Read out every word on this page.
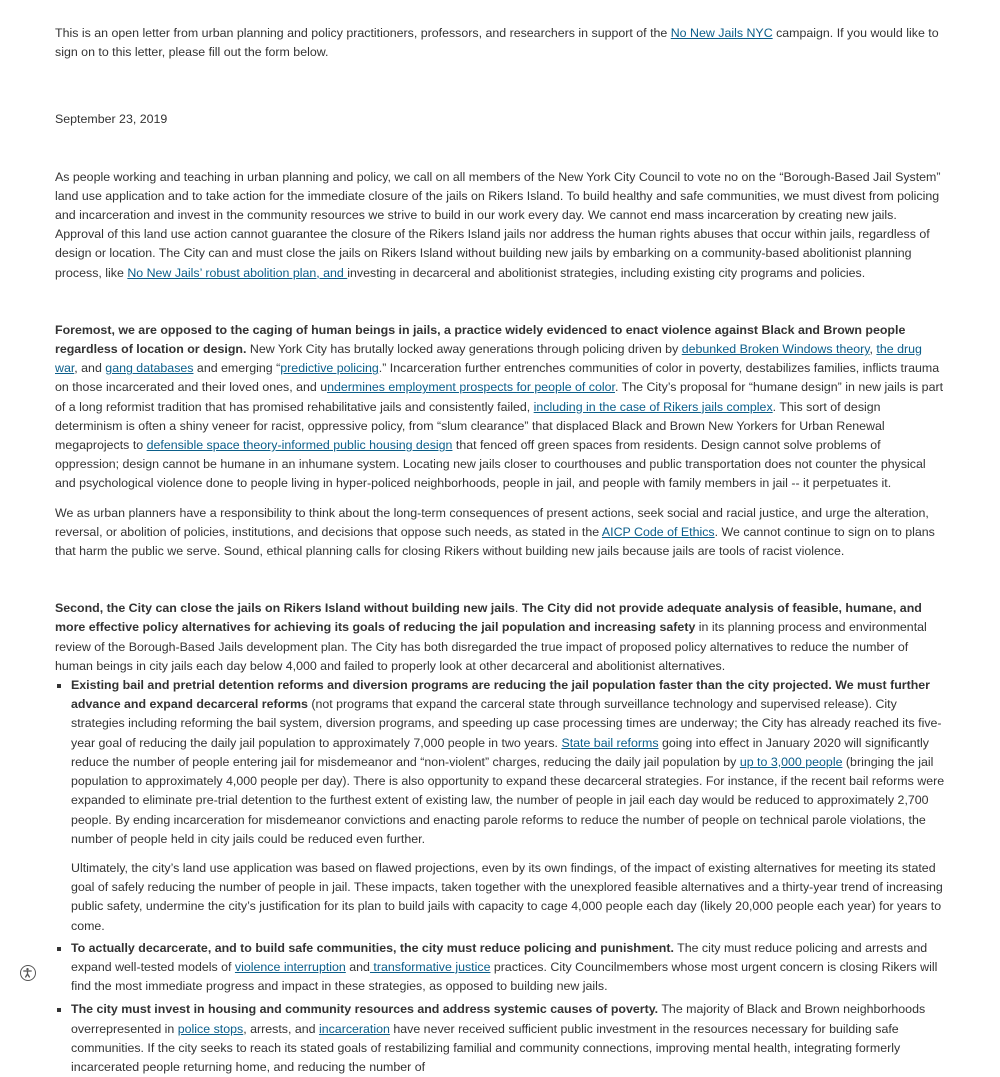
This is an open letter from urban planning and policy practitioners, professors, and researchers in support of the No New Jails NYC campaign. If you would like to sign on to this letter, please fill out the form below.

September 23, 2019

As people working and teaching in urban planning and policy, we call on all members of the New York City Council to vote no on the “Borough-Based Jail System” land use application and to take action for the immediate closure of the jails on Rikers Island. To build healthy and safe communities, we must divest from policing and incarceration and invest in the community resources we strive to build in our work every day. We cannot end mass incarceration by creating new jails. Approval of this land use action cannot guarantee the closure of the Rikers Island jails nor address the human rights abuses that occur within jails, regardless of design or location. The City can and must close the jails on Rikers Island without building new jails by embarking on a community-based abolitionist planning process, like No New Jails’ robust abolition plan, and investing in decarceral and abolitionist strategies, including existing city programs and policies.

Foremost, we are opposed to the caging of human beings in jails, a practice widely evidenced to enact violence against Black and Brown people regardless of location or design. New York City has brutally locked away generations through policing driven by debunked Broken Windows theory, the drug war, and gang databases and emerging “predictive policing.” Incarceration further entrenches communities of color in poverty, destabilizes families, inflicts trauma on those incarcerated and their loved ones, and undermines employment prospects for people of color. The City’s proposal for “humane design” in new jails is part of a long reformist tradition that has promised rehabilitative jails and consistently failed, including in the case of Rikers jails complex. This sort of design determinism is often a shiny veneer for racist, oppressive policy, from “slum clearance” that displaced Black and Brown New Yorkers for Urban Renewal megaprojects to defensible space theory-informed public housing design that fenced off green spaces from residents. Design cannot solve problems of oppression; design cannot be humane in an inhumane system. Locating new jails closer to courthouses and public transportation does not counter the physical and psychological violence done to people living in hyper-policed neighborhoods, people in jail, and people with family members in jail -- it perpetuates it.

We as urban planners have a responsibility to think about the long-term consequences of present actions, seek social and racial justice, and urge the alteration, reversal, or abolition of policies, institutions, and decisions that oppose such needs, as stated in the AICP Code of Ethics. We cannot continue to sign on to plans that harm the public we serve. Sound, ethical planning calls for closing Rikers without building new jails because jails are tools of racist violence.

Second, the City can close the jails on Rikers Island without building new jails. The City did not provide adequate analysis of feasible, humane, and more effective policy alternatives for achieving its goals of reducing the jail population and increasing safety in its planning process and environmental review of the Borough-Based Jails development plan. The City has both disregarded the true impact of proposed policy alternatives to reduce the number of human beings in city jails each day below 4,000 and failed to properly look at other decarceral and abolitionist alternatives.

▪ Existing bail and pretrial detention reforms and diversion programs are reducing the jail population faster than the city projected. We must further advance and expand decarceral reforms (not programs that expand the carceral state through surveillance technology and supervised release). City strategies including reforming the bail system, diversion programs, and speeding up case processing times are underway; the City has already reached its five-year goal of reducing the daily jail population to approximately 7,000 people in two years. State bail reforms going into effect in January 2020 will significantly reduce the number of people entering jail for misdemeanor and “non-violent” charges, reducing the daily jail population by up to 3,000 people (bringing the jail population to approximately 4,000 people per day). There is also opportunity to expand these decarceral strategies. For instance, if the recent bail reforms were expanded to eliminate pre-trial detention to the furthest extent of existing law, the number of people in jail each day would be reduced to approximately 2,700 people. By ending incarceration for misdemeanor convictions and enacting parole reforms to reduce the number of people on technical parole violations, the number of people held in city jails could be reduced even further.

Ultimately, the city’s land use application was based on flawed projections, even by its own findings, of the impact of existing alternatives for meeting its stated goal of safely reducing the number of people in jail. These impacts, taken together with the unexplored feasible alternatives and a thirty-year trend of increasing public safety, undermine the city’s justification for its plan to build jails with capacity to cage 4,000 people each day (likely 20,000 people each year) for years to come.

▪ To actually decarcerate, and to build safe communities, the city must reduce policing and punishment. The city must reduce policing and arrests and expand well-tested models of violence interruption and transformative justice practices. City Councilmembers whose most urgent concern is closing Rikers will find the most immediate progress and impact in these strategies, as opposed to building new jails.
▪ The city must invest in housing and community resources and address systemic causes of poverty. The majority of Black and Brown neighborhoods overrepresented in police stops, arrests, and incarceration have never received sufficient public investment in the resources necessary for building safe communities. If the city seeks to reach its stated goals of restabilizing familial and community connections, improving mental health, integrating formerly incarcerated people returning home, and reducing the number of
